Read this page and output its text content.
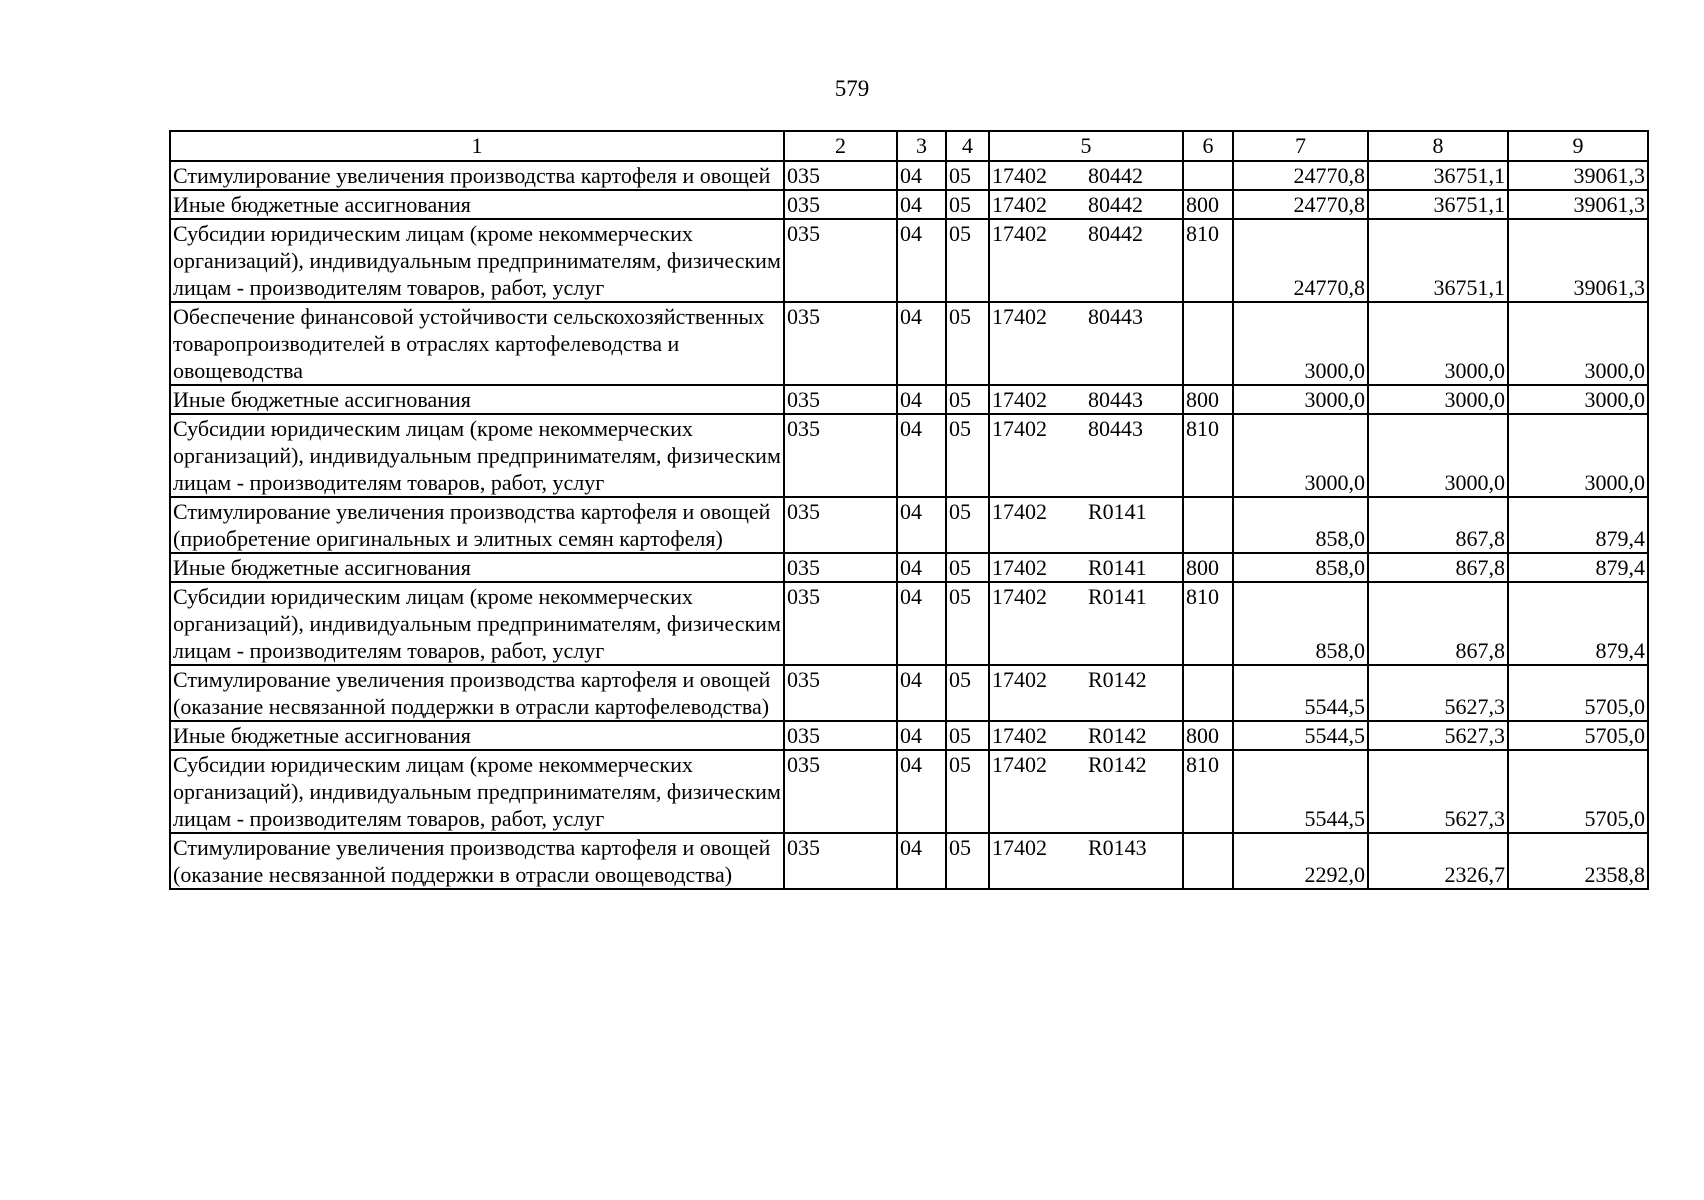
579
1	2	3	4	5	6	7	8	9
Стимулирование увеличения производства картофеля и овощей	035	04	05	17402 80442		24770,8	36751,1	39061,3
Иные бюджетные ассигнования	035	04	05	17402 80442	800	24770,8	36751,1	39061,3
Субсидии юридическим лицам (кроме некоммерческих организаций), индивидуальным предпринимателям, физическим лицам - производителям товаров, работ, услуг	035	04	05	17402 80442	810	24770,8	36751,1	39061,3
Обеспечение финансовой устойчивости сельскохозяйственных товаропроизводителей в отраслях картофелеводства и овощеводства	035	04	05	17402 80443		3000,0	3000,0	3000,0
Иные бюджетные ассигнования	035	04	05	17402 80443	800	3000,0	3000,0	3000,0
Субсидии юридическим лицам (кроме некоммерческих организаций), индивидуальным предпринимателям, физическим лицам - производителям товаров, работ, услуг	035	04	05	17402 80443	810	3000,0	3000,0	3000,0
Стимулирование увеличения производства картофеля и овощей (приобретение оригинальных и элитных семян картофеля)	035	04	05	17402 R0141		858,0	867,8	879,4
Иные бюджетные ассигнования	035	04	05	17402 R0141	800	858,0	867,8	879,4
Субсидии юридическим лицам (кроме некоммерческих организаций), индивидуальным предпринимателям, физическим лицам - производителям товаров, работ, услуг	035	04	05	17402 R0141	810	858,0	867,8	879,4
Стимулирование увеличения производства картофеля и овощей (оказание несвязанной поддержки в отрасли картофелеводства)	035	04	05	17402 R0142		5544,5	5627,3	5705,0
Иные бюджетные ассигнования	035	04	05	17402 R0142	800	5544,5	5627,3	5705,0
Субсидии юридическим лицам (кроме некоммерческих организаций), индивидуальным предпринимателям, физическим лицам - производителям товаров, работ, услуг	035	04	05	17402 R0142	810	5544,5	5627,3	5705,0
Стимулирование увеличения производства картофеля и овощей (оказание несвязанной поддержки в отрасли овощеводства)	035	04	05	17402 R0143		2292,0	2326,7	2358,8
